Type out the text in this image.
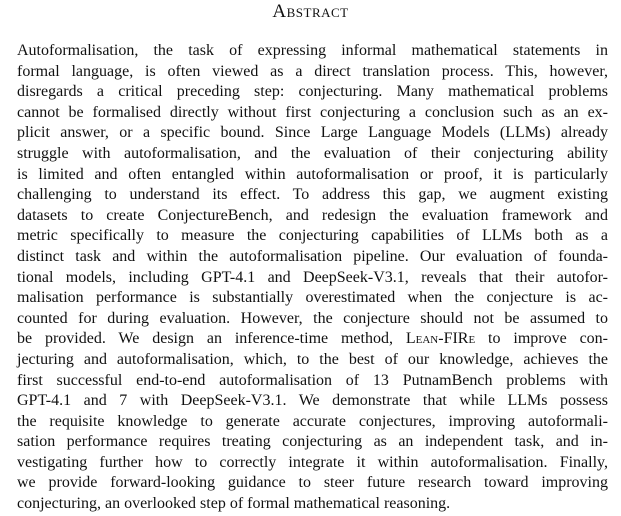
Abstract
Autoformalisation, the task of expressing informal mathematical statements in
formal language, is often viewed as a direct translation process. This, however,
disregards a critical preceding step: conjecturing. Many mathematical problems
cannot be formalised directly without first conjecturing a conclusion such as an ex-
plicit answer, or a specific bound. Since Large Language Models (LLMs) already
struggle with autoformalisation, and the evaluation of their conjecturing ability
is limited and often entangled within autoformalisation or proof, it is particularly
challenging to understand its effect. To address this gap, we augment existing
datasets to create ConjectureBench, and redesign the evaluation framework and
metric specifically to measure the conjecturing capabilities of LLMs both as a
distinct task and within the autoformalisation pipeline. Our evaluation of founda-
tional models, including GPT-4.1 and DeepSeek-V3.1, reveals that their autofor-
malisation performance is substantially overestimated when the conjecture is ac-
counted for during evaluation. However, the conjecture should not be assumed to
be provided. We design an inference-time method, Lean-FIRe to improve con-
jecturing and autoformalisation, which, to the best of our knowledge, achieves the
first successful end-to-end autoformalisation of 13 PutnamBench problems with
GPT-4.1 and 7 with DeepSeek-V3.1. We demonstrate that while LLMs possess
the requisite knowledge to generate accurate conjectures, improving autoformali-
sation performance requires treating conjecturing as an independent task, and in-
vestigating further how to correctly integrate it within autoformalisation. Finally,
we provide forward-looking guidance to steer future research toward improving
conjecturing, an overlooked step of formal mathematical reasoning.
